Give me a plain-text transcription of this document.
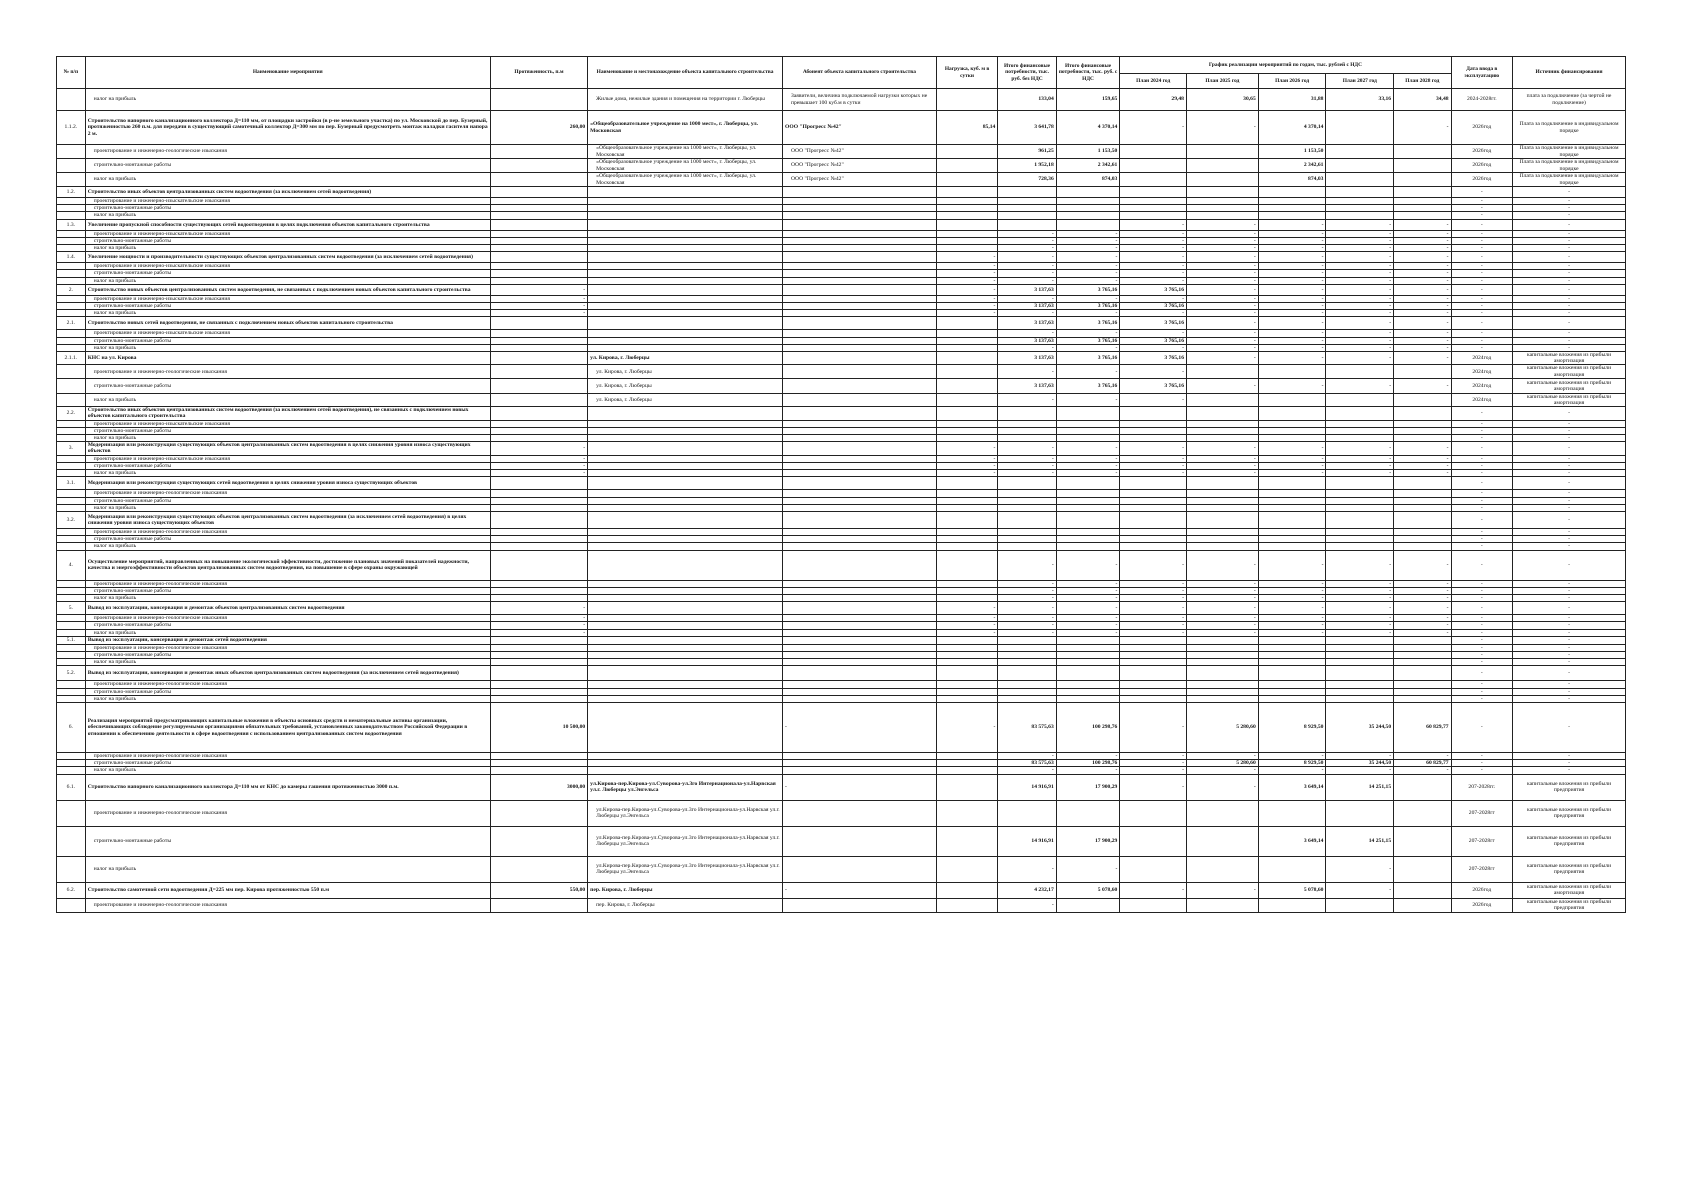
№ п/п	Наименование мероприятия	Протяженность, п.м	Наименование и местонахождение объекта капитального строительства	Абонент объекта капитального строительства	Нагрузка, куб. м в сутки	Итого финансовые потребности, тыс. руб. без НДС	Итого финансовые потребности, тыс. руб. с НДС	График реализации мероприятий по годам, тыс. рублей с НДС					Дата ввода в эксплуатацию	Источник финансирования
								План 2024 год	План 2025 год	План 2026 год	План 2027 год	План 2028 год		
	налог на прибыль		Жилые дома, нежилые здания и помещения на территории г. Люберцы	Заявители, величина подключаемой нагрузки которых не превышает 100 куб.м в сутки		133,04	159,65	29,48	30,65	31,88	33,16	34,48	2024-2028гг.	плата за подключение (за чертой не подключение)
1.1.2.	Строительство напорного канализационного коллектора Д=110 мм, от площадки застройки (в р-не земельного участка) по ул. Московской до пер. Бузерный, протяженностью 260 п.м. для передачи в существующий самотечный коллектор Д=300 мм по пер. Бузерный предусмотреть монтаж наладки гасителя напора 2 м.	260,00	«Общеобразовательное учреждение на 1000 мест», г. Люберцы, ул. Московская	ООО "Прогресс №42"	85,14	3 641,78	4 370,14	-	-	4 370,14		-	2026год	Плата за подключение в индивидуальном порядке
	проектирование и инженерно-геологические изыскания		«Общеобразовательное учреждение на 1000 мест», г. Люберцы, ул. Московская	ООО "Прогресс №42"		961,25	1 153,50			1 153,50			2026год	Плата за подключение в индивидуальном порядке
	строительно-монтажные работы		«Общеобразовательное учреждение на 1000 мест», г. Люберцы, ул. Московская	ООО "Прогресс №42"		1 952,18	2 342,61			2 342,61			2026год	Плата за подключение в индивидуальном порядке
	налог на прибыль		«Общеобразовательное учреждение на 1000 мест», г. Люберцы, ул. Московская	ООО "Прогресс №42"		728,36	874,03			874,03			2026год	Плата за подключение в индивидуальном порядке
1.2.	Строительство иных объектов централизованных систем водоотведения (за исключением сетей водоотведения)												-	-
	проектирование и инженерно-изыскательские изыскания												-	-
	строительно-монтажные работы												-	-
	налог на прибыль												-	-
1.3.	Увеличение пропускной способности существующих сетей водоотведения в целях подключения объектов капитального строительства							-	-	-	-	-	-	-
	проектирование и инженерно-изыскательские изыскания					-	-	-	-	-	-	-	-	-
	строительно-монтажные работы					-	-	-	-	-	-	-	-	-
	налог на прибыль					-	-	-	-	-	-	-	-	-
1.4.	Увеличение мощности и производительности существующих объектов централизованных систем водоотведения (за исключением сетей водоотведения)				-	-	-	-	-	-	-	-	-	-
	проектирование и инженерно-изыскательские изыскания				-	-	-	-	-	-	-	-	-	-
	строительно-монтажные работы				-	-	-	-	-	-	-	-	-	-
	налог на прибыль				-	-	-	-	-	-	-	-	-	-
2.	Строительство новых объектов централизованных систем водоотведения, не связанных с подключением новых объектов капитального строительства	-			-	3 137,63	3 765,16	3 765,16	-	-	-	-	-	-
	проектирование и инженерно-изыскательские изыскания	-			-	-	-	-	-	-	-	-	-	-
	строительно-монтажные работы	-			-	3 137,63	3 765,16	3 765,16	-	-	-	-	-	-
	налог на прибыль	-			-	-	-	-	-	-	-	-	-	-
2.1.	Строительство новых сетей водоотведения, не связанных с подключением новых объектов капитального строительства					3 137,63	3 765,16	3 765,16	-	-	-	-	-	-
	проектирование и инженерно-изыскательские изыскания					-	-	-	-	-	-	-	-	-
	строительно-монтажные работы					3 137,63	3 765,16	3 765,16	-	-	-	-	-	-
	налог на прибыль					-	-	-	-	-	-	-	-	-
2.1.1.	КНС на ул. Кирова		ул. Кирова, г. Люберцы			3 137,63	3 765,16	3 765,16	-	-	-	-	2024год	капитальные вложения из прибыли амортизация
	проектирование и инженерно-геологические изыскания		ул. Кирова, г. Люберцы			-	-	-					2024год	капитальные вложения из прибыли амортизация
	строительно-монтажные работы		ул. Кирова, г. Люберцы			3 137,63	3 765,16	3 765,16	-	-	-	-	2024год	капитальные вложения из прибыли амортизация
	налог на прибыль		ул. Кирова, г. Люберцы			-	-	-					2024год	капитальные вложения из прибыли амортизация
2.2.	Строительство иных объектов централизованных систем водоотведения (за исключением сетей водоотведения), не связанных с подключением новых объектов капитального строительства												-	-
	проектирование и инженерно-изыскательские изыскания												-	-
	строительно-монтажные работы												-	-
	налог на прибыль												-	-
3.	Модернизация или реконструкция существующих объектов централизованных систем водоотведения в целях снижения уровня износа существующих объектов	-			-	-	-	-	-	-	-	-	-	-
	проектирование и инженерно-изыскательские изыскания	-			-	-	-	-	-	-	-	-	-	-
	строительно-монтажные работы	-			-	-	-	-	-	-	-	-	-	-
	налог на прибыль	-			-	-	-	-	-	-	-	-	-	-
3.1.	Модернизация или реконструкция существующих сетей водоотведения в целях снижения уровня износа существующих объектов												-	-
	проектирование и инженерно-геологические изыскания												-	-
	строительно-монтажные работы												-	-
	налог на прибыль												-	-
3.2.	Модернизация или реконструкция существующих объектов централизованных систем водоотведения (за исключением сетей водоотведения) в целях снижения уровня износа существующих объектов												-	-
	проектирование и инженерно-геологические изыскания												-	-
	строительно-монтажные работы												-	-
	налог на прибыль												-	-
4.	Осуществление мероприятий, направленных на повышение экологической эффективности, достижение плановых значений показателей надежности, качества и энергоэффективности объектов централизованных систем водоотведения, на повышение в сфере охраны окружающей					-	-	-	-	-	-	-	-	-
	проектирование и инженерно-геологические изыскания					-	-	-	-	-	-	-	-	-
	строительно-монтажные работы					-	-	-	-	-	-	-	-	-
	налог на прибыль					-	-	-	-	-	-	-	-	-
5.	Вывод из эксплуатации, консервация и демонтаж объектов централизованных систем водоотведения	-			-	-	-	-	-	-	-	-	-	-
	проектирование и инженерно-геологические изыскания	-			-	-	-	-	-	-	-	-	-	-
	строительно-монтажные работы	-			-	-	-	-	-	-	-	-	-	-
	налог на прибыль	-			-	-	-	-	-	-	-	-	-	-
5.1.	Вывод из эксплуатации, консервация и демонтаж сетей водоотведения												-	-
	проектирование и инженерно-геологические изыскания												-	-
	строительно-монтажные работы												-	-
	налог на прибыль												-	-
5.2.	Вывод из эксплуатации, консервация и демонтаж иных объектов централизованных систем водоотведения (за исключением сетей водоотведения)												-	-
	проектирование и инженерно-геологические изыскания												-	-
	строительно-монтажные работы												-	-
	налог на прибыль												-	-
6.	Реализация мероприятий предусматривающих капитальные вложения в объекты основных средств и нематериальные активы организации, обеспечивающих соблюдение регулируемыми организациями обязательных требований, установленных законодательством Российской Федерации в отношении к обеспечению деятельности в сфере водоотведения с использованием централизованных систем водоотведения	10 500,00		-	-	83 575,63	100 298,76	-	5 280,60	8 929,50	35 244,50	60 829,77	-	-
	проектирование и инженерно-геологические изыскания					-	-	-	-	-	-	-	-	-
	строительно-монтажные работы					83 575,63	100 298,76	-	5 280,60	8 929,50	35 244,50	60 829,77	-	-
	налог на прибыль					-	-	-	-	-	-	-	-	-
6.1.	Строительство напорного канализационного коллектора Д=110 мм от КНС до камеры гашения протяженностью 3000 п.м.	3000,00	ул.Кирова-пер.Кирова-ул.Суворова-ул.3го Интернационала-ул.Нарвская ул.г. Люберцы ул.Энгельса	-		14 916,91	17 900,29	-	-	3 649,14	14 251,15		207-2028гг.	капитальные вложения из прибыли предприятия
	проектирование и инженерно-геологические изыскания		ул.Кирова-пер.Кирова-ул.Суворова-ул.3го Интернационала-ул.Нарвская ул.г. Люберцы ул.Энгельса										207-2028гг	капитальные вложения из прибыли предприятия
	строительно-монтажные работы		ул.Кирова-пер.Кирова-ул.Суворова-ул.3го Интернационала-ул.Нарвская ул.г. Люберцы ул.Энгельса			14 916,91	17 900,29			3 649,14	14 251,15		207-2028гг	капитальные вложения из прибыли предприятия
	налог на прибыль		ул.Кирова-пер.Кирова-ул.Суворова-ул.3го Интернационала-ул.Нарвская ул.г. Люберцы ул.Энгельса			-	-				-		207-2028гг	капитальные вложения из прибыли предприятия
6.2.	Строительство самотечной сети водоотведения Д=225 мм пер. Кирова протяженностью 550 п.м	550,00	пер. Кирова, г. Люберцы	-		4 232,17	5 078,60	-	-	5 078,60	-		2026год	капитальные вложения из прибыли амортизация
	проектирование и инженерно-геологические изыскания		пер. Кирова, г. Люберцы			-							2026год	капитальные вложения из прибыли предприятия
